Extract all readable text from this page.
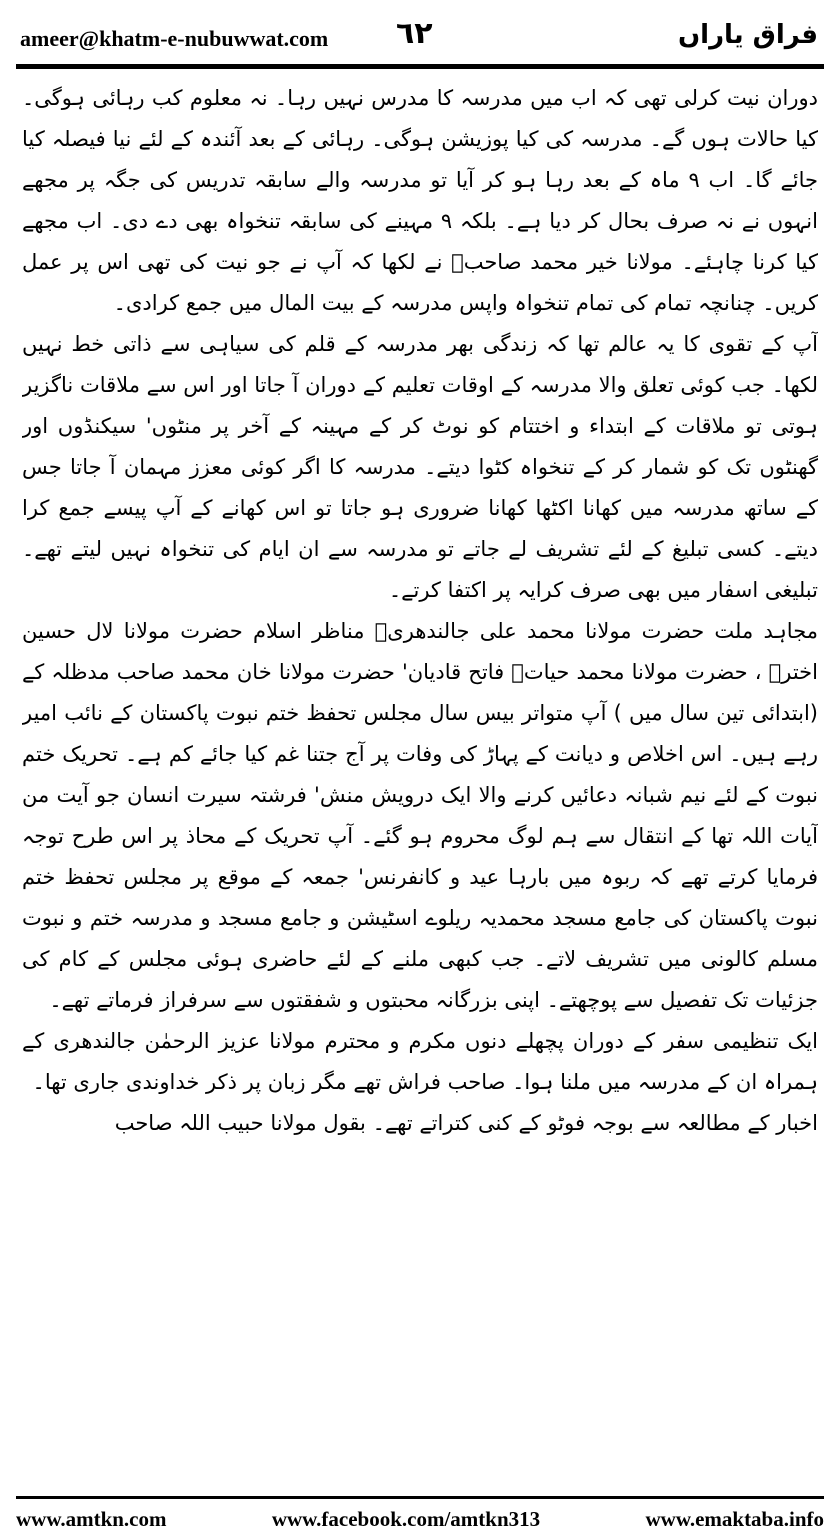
ameer@khatm-e-nubuwwat.com ٦٢	فراق یاراں

دوران نیت کرلی تھی کہ اب میں مدرسہ کا مدرس نہیں رہا۔ نہ معلوم کب رہائی ہوگی۔ کیا حالات ہوں گے۔ مدرسہ کی کیا پوزیشن ہوگی۔ رہائی کے بعد آئندہ کے لئے نیا فیصلہ کیا جائے گا۔ اب ۹ ماہ کے بعد رہا ہو کر آیا تو مدرسہ والے سابقہ تدریس کی جگہ پر مجھے انہوں نے نہ صرف بحال کر دیا ہے۔ بلکہ ۹ مہینے کی سابقہ تنخواہ بھی دے دی۔ اب مجھے کیا کرنا چاہئے۔ مولانا خیر محمد صاحبؒ نے لکھا کہ آپ نے جو نیت کی تھی اس پر عمل کریں۔ چنانچہ تمام کی تمام تنخواہ واپس مدرسہ کے بیت المال میں جمع کرادی۔

آپ کے تقوی کا یہ عالم تھا کہ زندگی بھر مدرسہ کے قلم کی سیاہی سے ذاتی خط نہیں لکھا۔ جب کوئی تعلق والا مدرسہ کے اوقات تعلیم کے دوران آ جاتا اور اس سے ملاقات ناگزیر ہوتی تو ملاقات کے ابتداء و اختتام کو نوٹ کر کے مہینہ کے آخر پر منٹوں' سیکنڈوں اور گھنٹوں تک کو شمار کر کے تنخواہ کٹوا دیتے۔ مدرسہ کا اگر کوئی معزز مہمان آ جاتا جس کے ساتھ مدرسہ میں کھانا اکٹھا کھانا ضروری ہو جاتا تو اس کھانے کے آپ پیسے جمع کرا دیتے۔ کسی تبلیغ کے لئے تشریف لے جاتے تو مدرسہ سے ان ایام کی تنخواہ نہیں لیتے تھے۔ تبلیغی اسفار میں بھی صرف کرایہ پر اکتفا کرتے۔

مجاہد ملت حضرت مولانا محمد علی جالندھریؒ مناظر اسلام حضرت مولانا لال حسین اخترؒ ، حضرت مولانا محمد حیاتؒ فاتح قادیان' حضرت مولانا خان محمد صاحب مدظلہ کے (ابتدائی تین سال میں ) آپ متواتر بیس سال مجلس تحفظ ختم نبوت پاکستان کے نائب امیر رہے ہیں۔ اس اخلاص و دیانت کے پہاڑ کی وفات پر آج جتنا غم کیا جائے کم ہے۔ تحریک ختم نبوت کے لئے نیم شبانہ دعائیں کرنے والا ایک درویش منش' فرشتہ سیرت انسان جو آیت من آیات اللہ تھا کے انتقال سے ہم لوگ محروم ہو گئے۔ آپ تحریک کے محاذ پر اس طرح توجہ فرمایا کرتے تھے کہ ربوہ میں بارہا عید و کانفرنس' جمعہ کے موقع پر مجلس تحفظ ختم نبوت پاکستان کی جامع مسجد محمدیہ ریلوے اسٹیشن و جامع مسجد و مدرسہ ختم و نبوت مسلم کالونی میں تشریف لاتے۔ جب کبھی ملنے کے لئے حاضری ہوئی مجلس کے کام کی جزئیات تک تفصیل سے پوچھتے۔ اپنی بزرگانہ محبتوں و شفقتوں سے سرفراز فرماتے تھے۔

ایک تنظیمی سفر کے دوران پچھلے دنوں مکرم و محترم مولانا عزیز الرحمٰن جالندھری کے ہمراہ ان کے مدرسہ میں ملنا ہوا۔ صاحب فراش تھے مگر زبان پر ذکر خداوندی جاری تھا۔

اخبار کے مطالعہ سے بوجہ فوٹو کے کنی کتراتے تھے۔ بقول مولانا حبیب اللہ صاحب

www.amtkn.com	www.facebook.com/amtkn313	www.emaktaba.info
